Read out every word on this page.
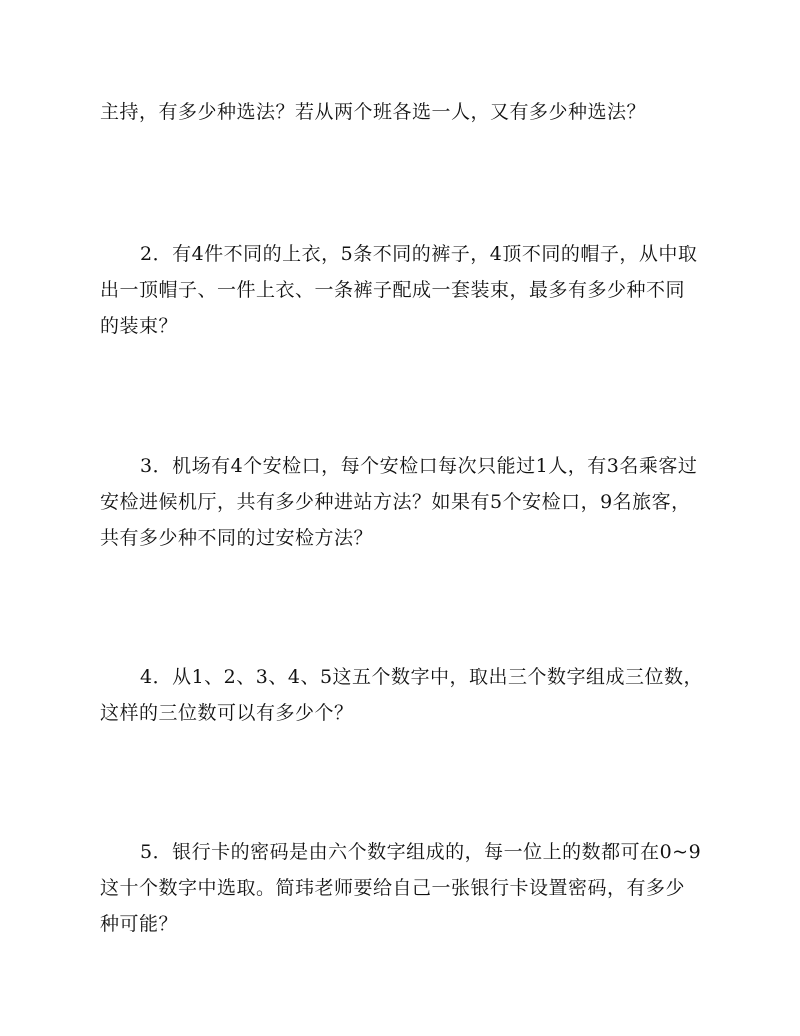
主持，有多少种选法？若从两个班各选一人，又有多少种选法？
2．有4件不同的上衣，5条不同的裤子，4顶不同的帽子，从中取
出一顶帽子、一件上衣、一条裤子配成一套装束，最多有多少种不同
的装束？
3．机场有4个安检口，每个安检口每次只能过1人，有3名乘客过
安检进候机厅，共有多少种进站方法？如果有5个安检口，9名旅客，
共有多少种不同的过安检方法？
4．从1、2、3、4、5这五个数字中，取出三个数字组成三位数，
这样的三位数可以有多少个？
5．银行卡的密码是由六个数字组成的，每一位上的数都可在0~9
这十个数字中选取。简玮老师要给自己一张银行卡设置密码，有多少
种可能？
